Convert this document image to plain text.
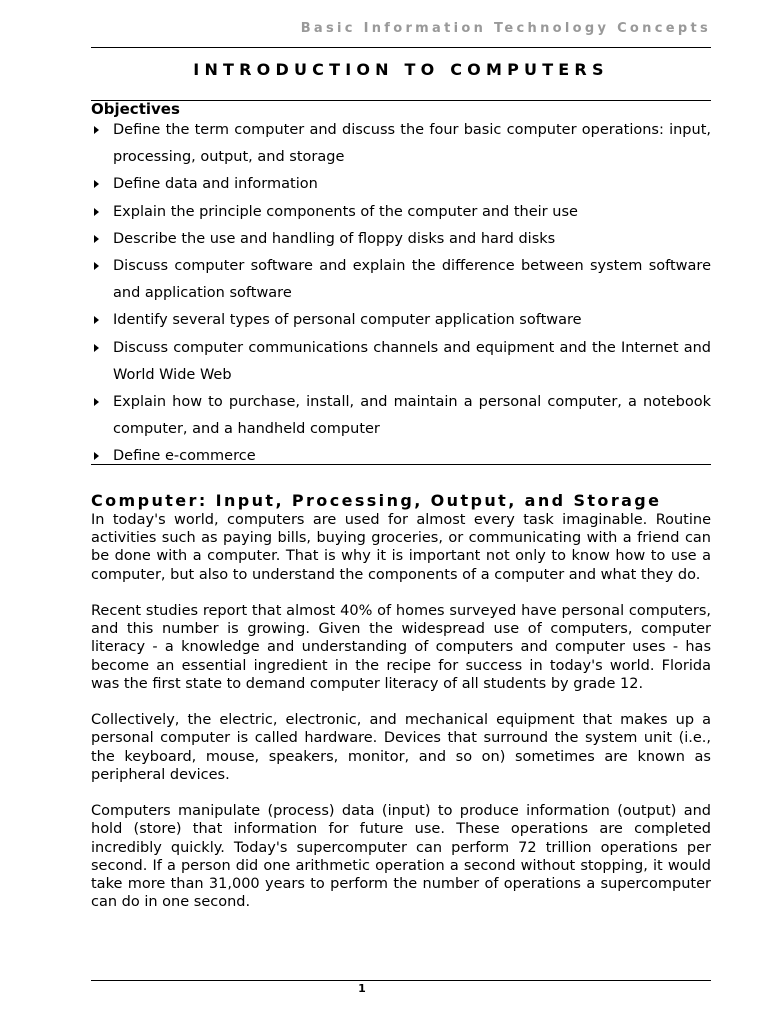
Basic Information Technology Concepts
INTRODUCTION TO COMPUTERS
Objectives
Define the term computer and discuss the four basic computer operations: input, processing, output, and storage
Define data and information
Explain the principle components of the computer and their use
Describe the use and handling of floppy disks and hard disks
Discuss computer software and explain the difference between system software and application software
Identify several types of personal computer application software
Discuss computer communications channels and equipment and the Internet and World Wide Web
Explain how to purchase, install, and maintain a personal computer, a notebook computer, and a handheld computer
Define e-commerce
Computer: Input, Processing, Output, and Storage

In today's world, computers are used for almost every task imaginable. Routine activities such as paying bills, buying groceries, or communicating with a friend can be done with a computer. That is why it is important not only to know how to use a computer, but also to understand the components of a computer and what they do.

Recent studies report that almost 40% of homes surveyed have personal computers, and this number is growing. Given the widespread use of computers, computer literacy - a knowledge and understanding of computers and computer uses - has become an essential ingredient in the recipe for success in today's world. Florida was the first state to demand computer literacy of all students by grade 12.

Collectively, the electric, electronic, and mechanical equipment that makes up a personal computer is called hardware. Devices that surround the system unit (i.e., the keyboard, mouse, speakers, monitor, and so on) sometimes are known as peripheral devices.

Computers manipulate (process) data (input) to produce information (output) and hold (store) that information for future use. These operations are completed incredibly quickly. Today's supercomputer can perform 72 trillion operations per second. If a person did one arithmetic operation a second without stopping, it would take more than 31,000 years to perform the number of operations a supercomputer can do in one second.

1
